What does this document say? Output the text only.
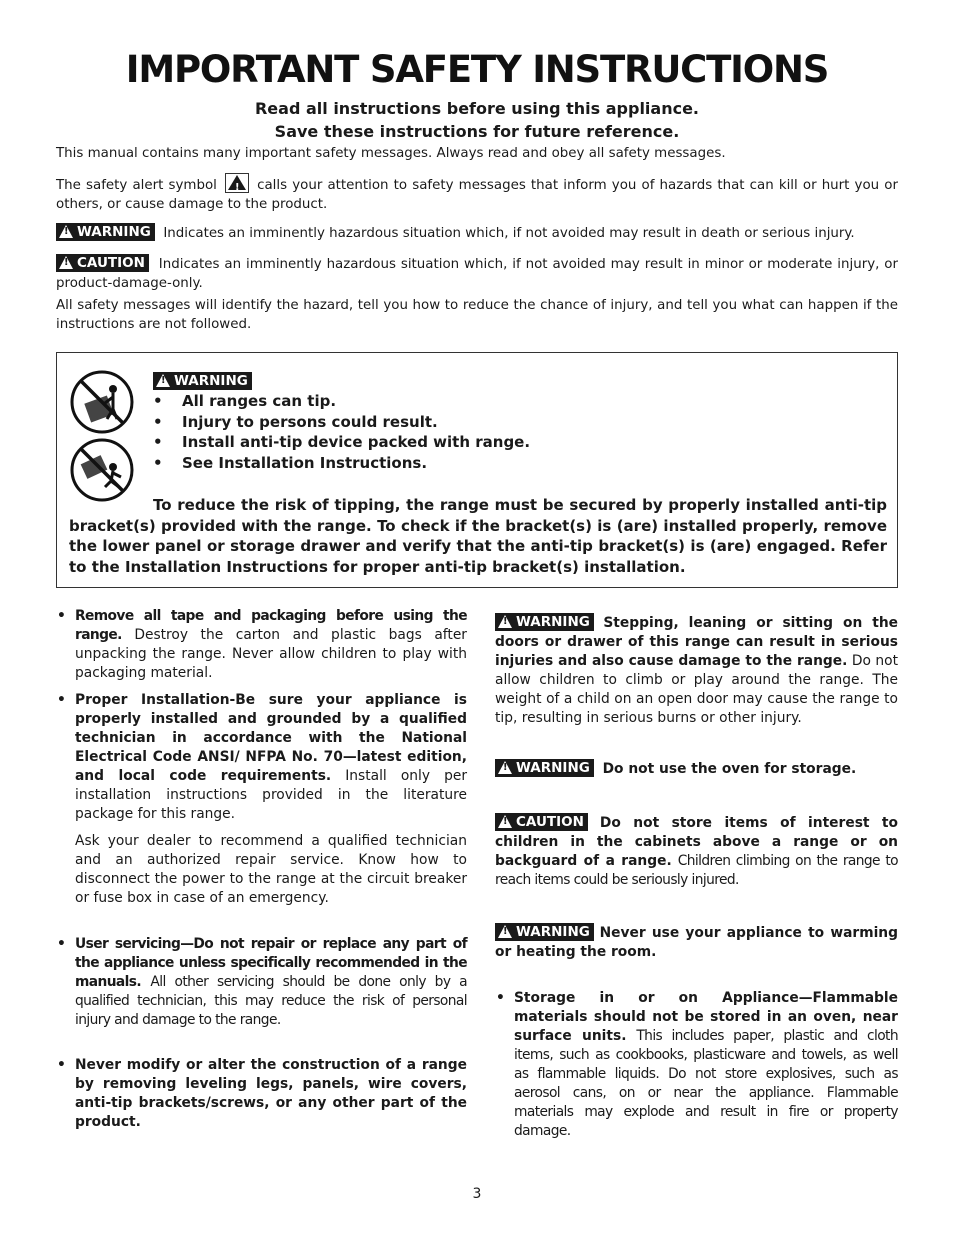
IMPORTANT SAFETY INSTRUCTIONS
Read all instructions before using this appliance.
Save these instructions for future reference.
This manual contains many important safety messages. Always read and obey all safety messages.
The safety alert symbol
!	calls your attention to safety messages that inform you of hazards that can kill or hurt you or others, or cause damage to the product.
!WARNING Indicates an imminently hazardous situation which, if not avoided may result in death or serious injury.
!CAUTION Indicates an imminently hazardous situation which, if not avoided may result in minor or moderate injury, or product-damage-only.
All safety messages will identify the hazard, tell you how to reduce the chance of injury, and tell you what can happen if the instructions are not followed.
!WARNING
• All ranges can tip.
• Injury to persons could result.
• Install anti-tip device packed with range.
• See Installation Instructions.
To reduce the risk of tipping, the range must be secured by properly installed anti-tip bracket(s) provided with the range. To check if the bracket(s) is (are) installed properly, remove the lower panel or storage drawer and verify that the anti-tip bracket(s) is (are) engaged. Refer to the Installation Instructions for proper anti-tip bracket(s) installation.
• Remove all tape and packaging before using the range. Destroy the carton and plastic bags after unpacking the range. Never allow children to play with packaging material.
• Proper Installation-Be sure your appliance is properly installed and grounded by a qualified technician in accordance with the National Electrical Code ANSI/ NFPA No. 70—latest edition, and local code requirements. Install only per installation instructions provided in the literature package for this range.
Ask your dealer to recommend a qualified technician and an authorized repair service. Know how to disconnect the power to the range at the circuit breaker or fuse box in case of an emergency.
• User servicing—Do not repair or replace any part of the appliance unless specifically recommended in the manuals. All other servicing should be done only by a qualified technician, this may reduce the risk of personal injury and damage to the range.
• Never modify or alter the construction of a range by removing leveling legs, panels, wire covers, anti-tip brackets/screws, or any other part of the product.
!WARNING Stepping, leaning or sitting on the doors or drawer of this range can result in serious injuries and also cause damage to the range. Do not allow children to climb or play around the range. The weight of a child on an open door may cause the range to tip, resulting in serious burns or other injury.
!WARNING Do not use the oven for storage.
!CAUTION Do not store items of interest to children in the cabinets above a range or on backguard of a range. Children climbing on the range to reach items could be seriously injured.
!WARNING Never use your appliance to warming or heating the room.
• Storage in or on Appliance—Flammable materials should not be stored in an oven, near surface units. This includes paper, plastic and cloth items, such as cookbooks, plasticware and towels, as well as flammable liquids. Do not store explosives, such as aerosol cans, on or near the appliance. Flammable materials may explode and result in fire or property damage.
3
